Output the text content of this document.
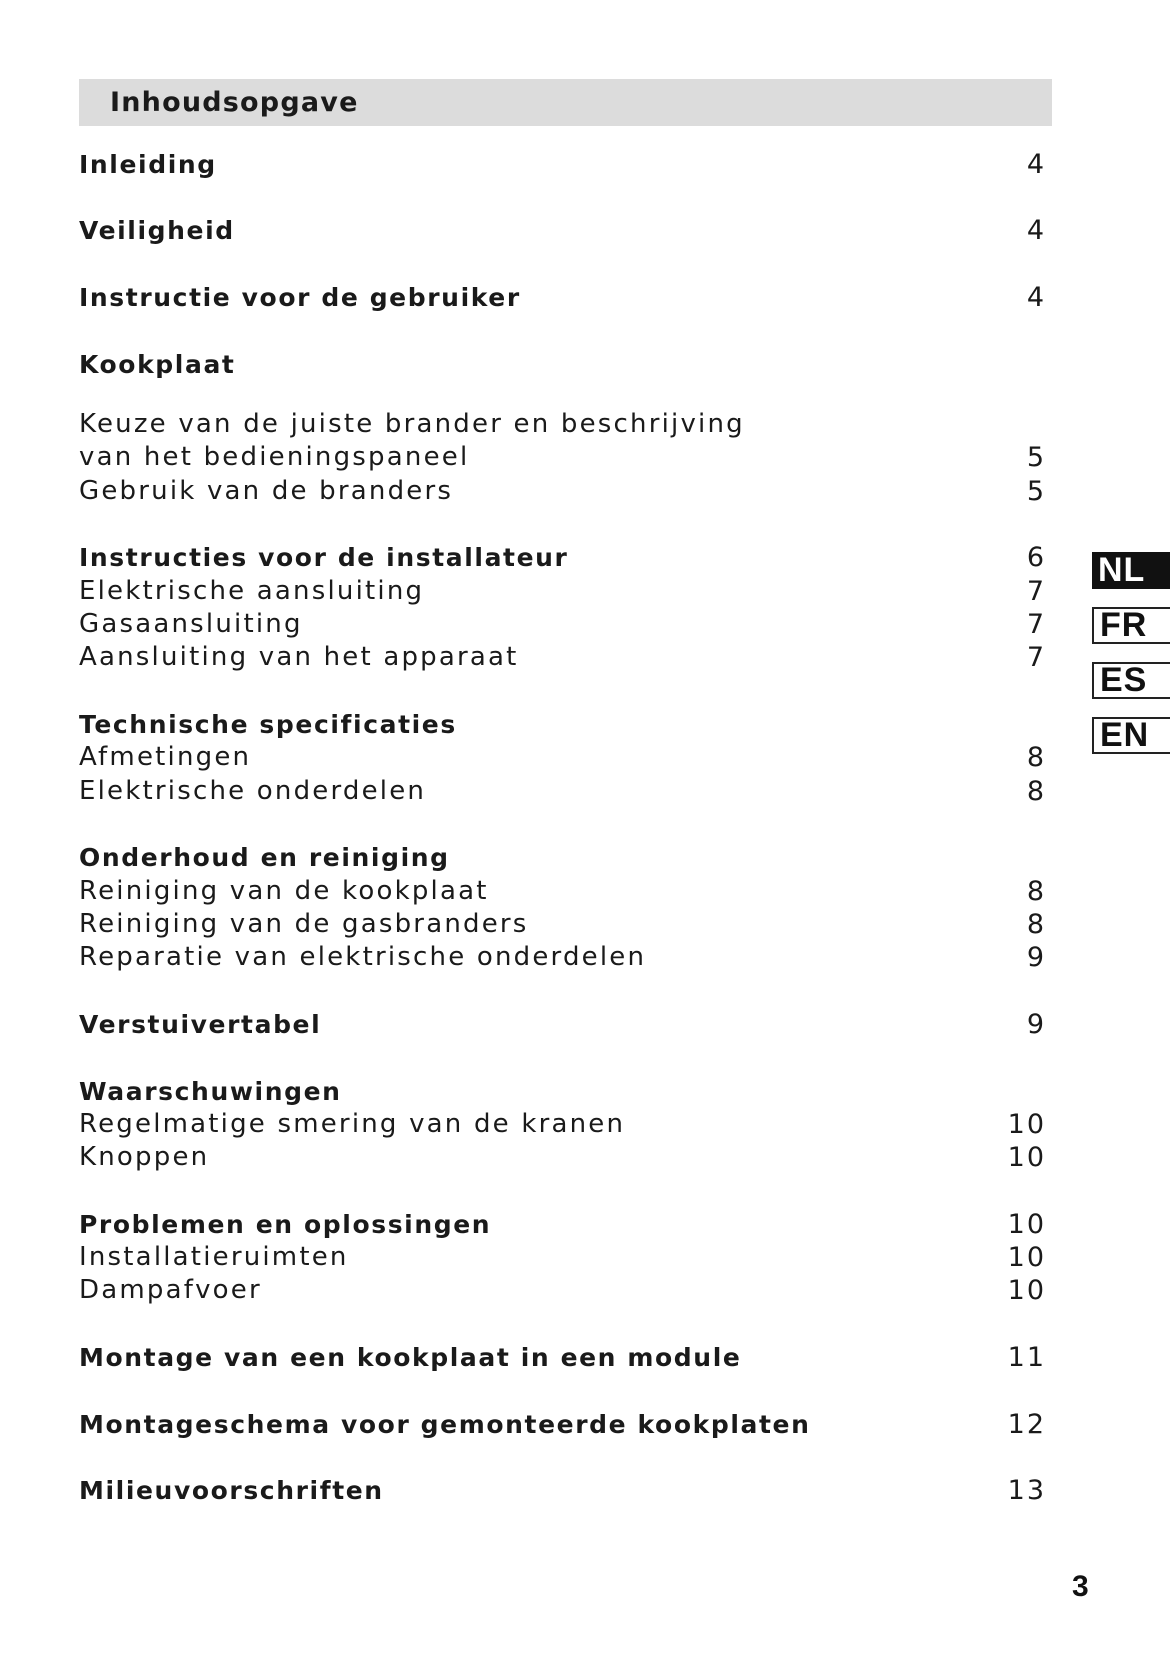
Inhoudsopgave
Inleiding	4
Veiligheid	4
Instructie voor de gebruiker	4
Kookplaat
Keuze van de juiste brander en beschrijving
van het bedieningspaneel	5
Gebruik van de branders	5
Instructies voor de installateur	6
Elektrische aansluiting	7
Gasaansluiting	7
Aansluiting van het apparaat	7
Technische specificaties
Afmetingen	8
Elektrische onderdelen	8
Onderhoud en reiniging
Reiniging van de kookplaat	8
Reiniging van de gasbranders	8
Reparatie van elektrische onderdelen	9
Verstuivertabel	9
Waarschuwingen
Regelmatige smering van de kranen	10
Knoppen	10
Problemen en oplossingen	10
Installatieruimten	10
Dampafvoer	10
Montage van een kookplaat in een module	11
Montageschema voor gemonteerde kookplaten	12
Milieuvoorschriften	13
NL
FR
ES
EN
3
